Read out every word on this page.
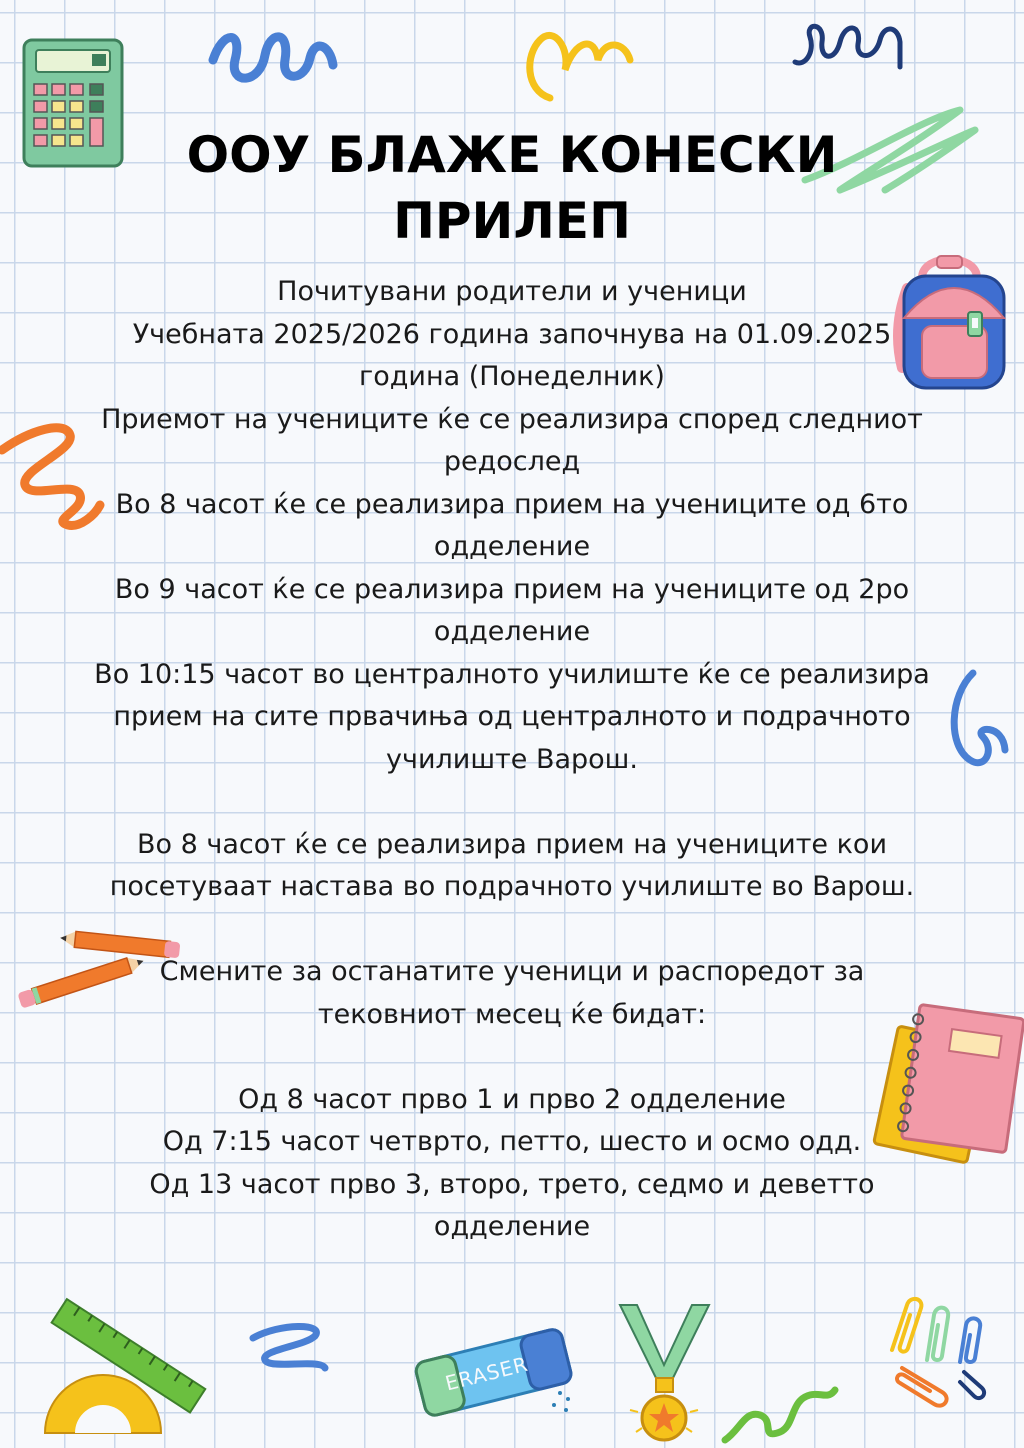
ERASER
ООУ БЛАЖЕ КОНЕСКИ
ПРИЛЕП

Почитувани родители и ученици

Учебната 2025/2026 година започнува на 01.09.2025 година (Понеделник)

Приемот на учениците ќе се реализира според следниот редослед

Во 8 часот ќе се реализира прием на учениците од 6то одделение

Во 9 часот ќе се реализира прием на учениците од 2ро одделение

Во 10:15 часот во централното училиште ќе се реализира прием на сите првачиња од централното и подрачното училиште Варош.

Во 8 часот ќе се реализира прием на учениците кои посетуваат настава во подрачното училиште во Варош.

Смените за останатите ученици и распоредот за тековниот месец ќе бидат:

Од 8 часот прво 1 и прво 2 одделение

Од 7:15 часот четврто, петто, шесто и осмо одд.

Од 13 часот прво 3, второ, трето, седмо и деветто одделение
